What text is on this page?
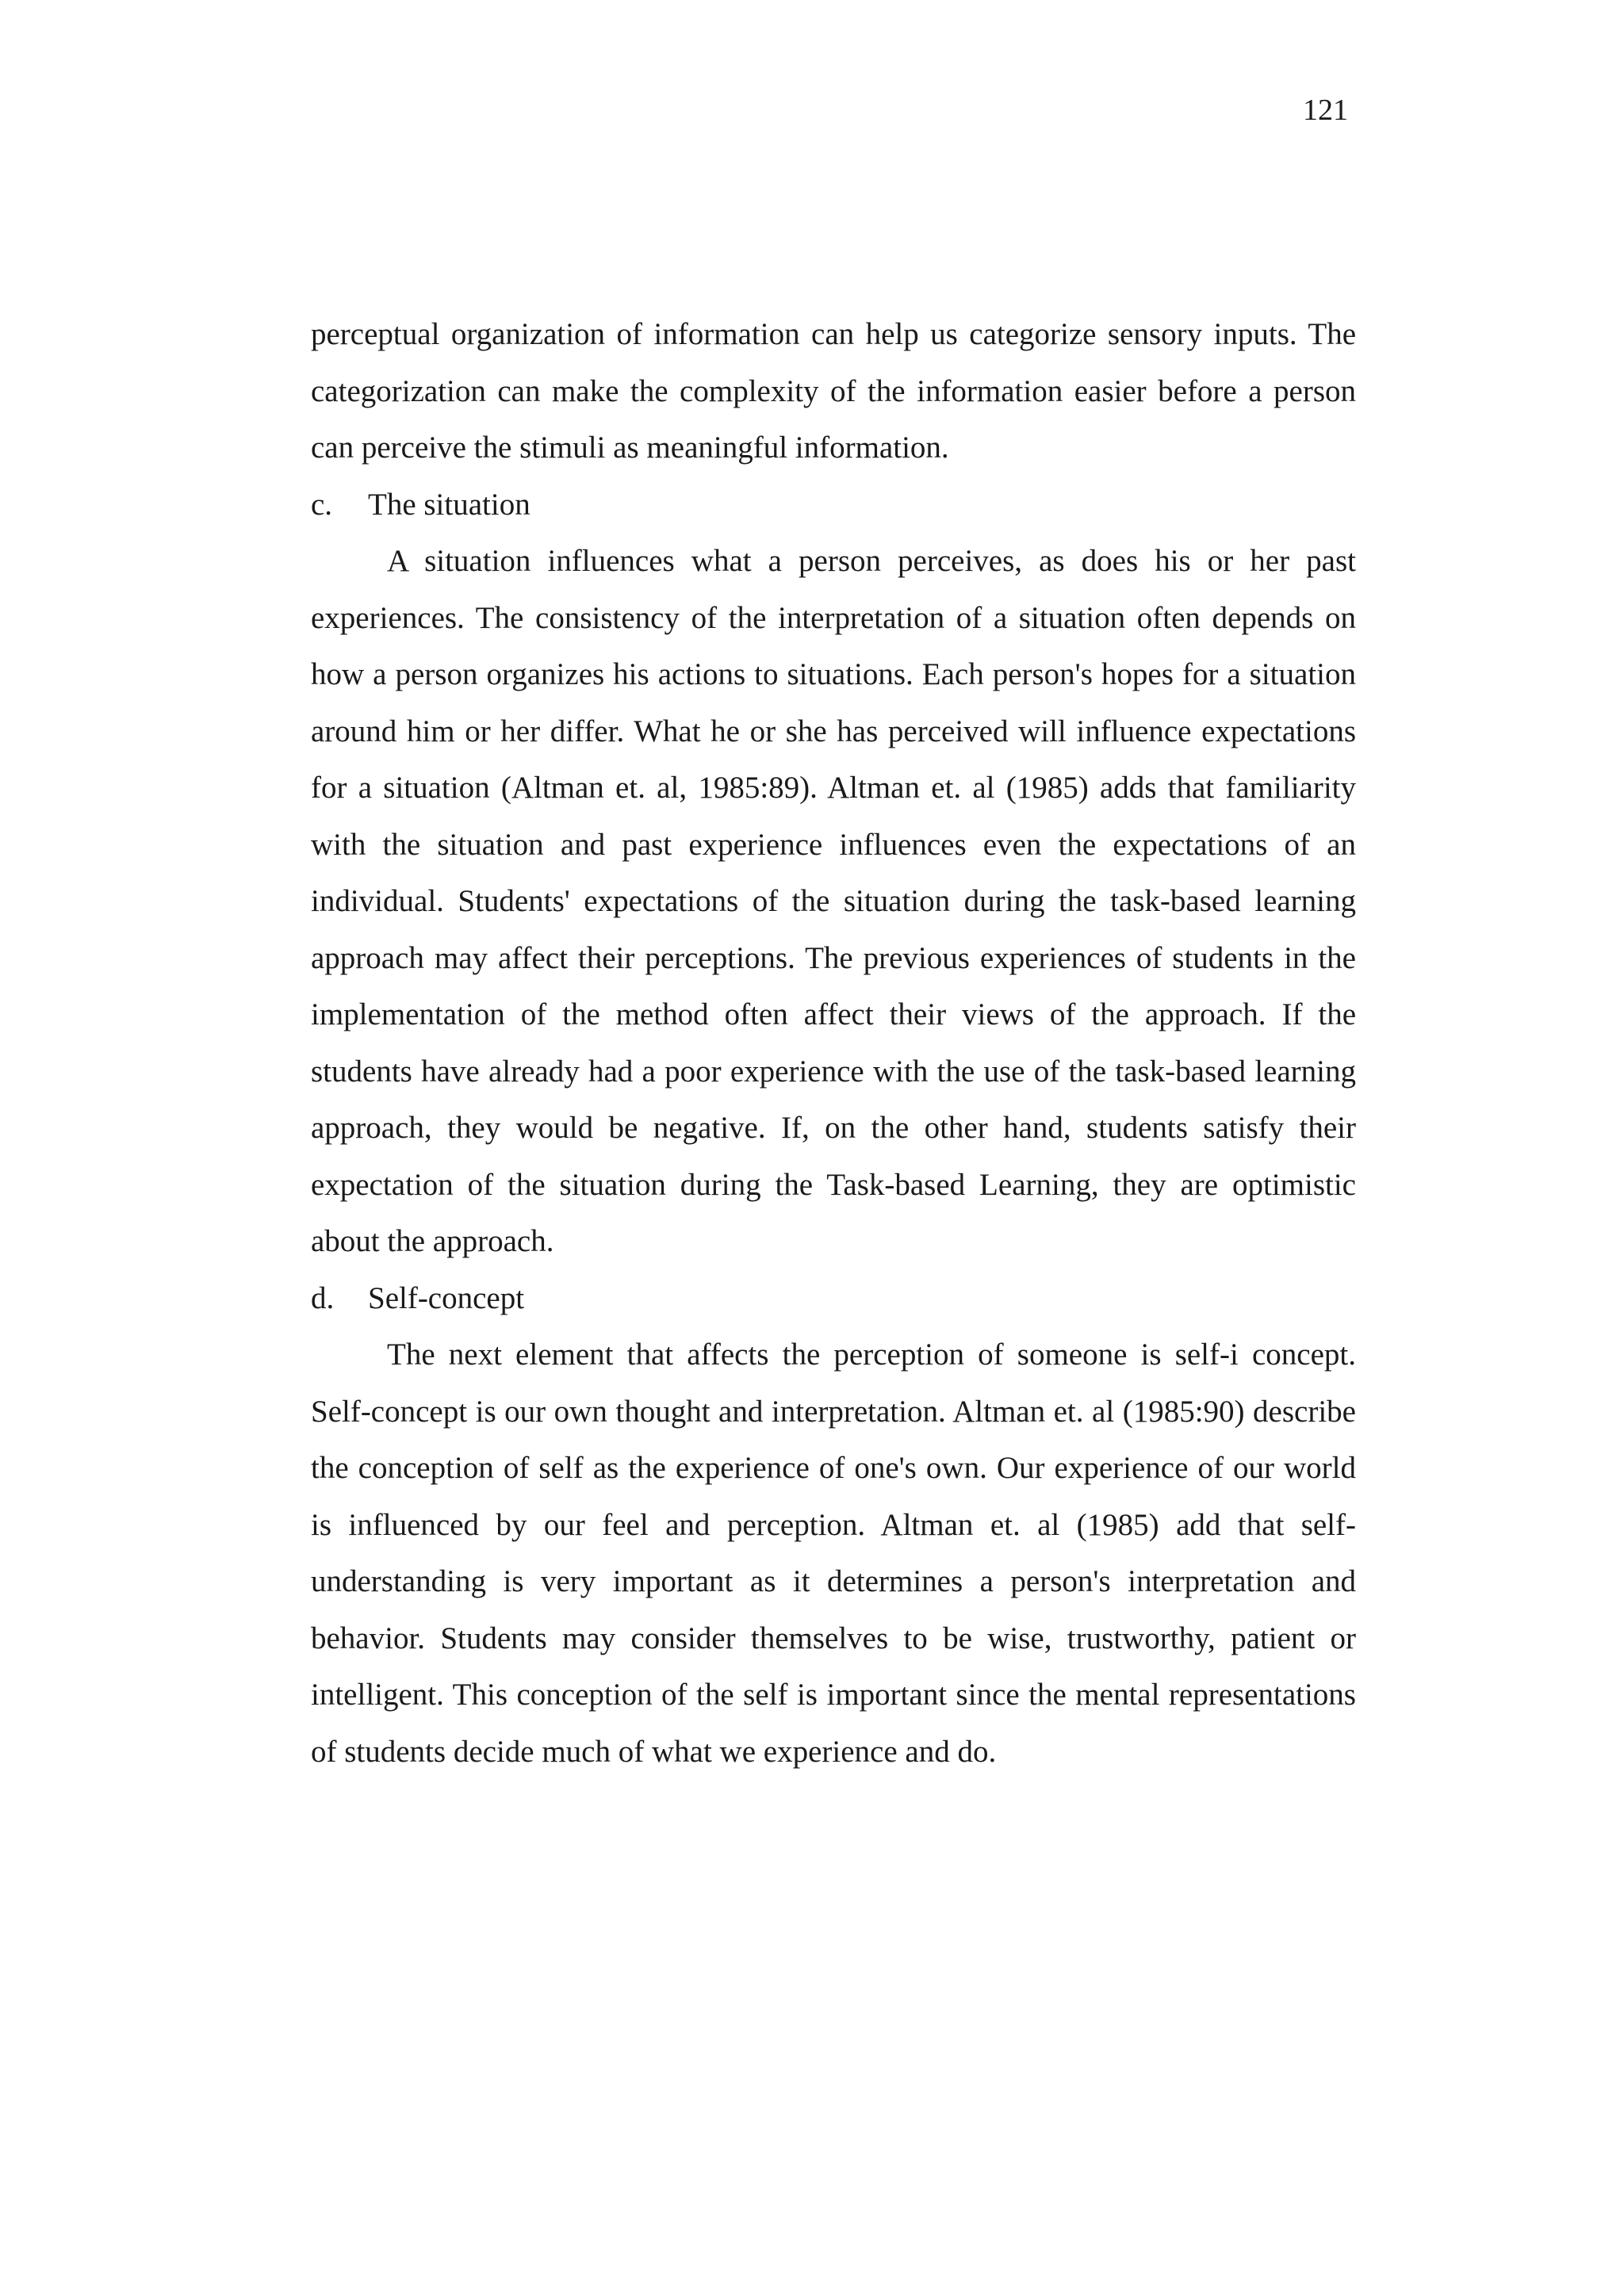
121

perceptual organization of information can help us categorize sensory inputs. The categorization can make the complexity of the information easier before a person can perceive the stimuli as meaningful information.

c.	The situation

A situation influences what a person perceives, as does his or her past experiences. The consistency of the interpretation of a situation often depends on how a person organizes his actions to situations. Each person's hopes for a situation around him or her differ. What he or she has perceived will influence expectations for a situation (Altman et. al, 1985:89). Altman et. al (1985) adds that familiarity with the situation and past experience influences even the expectations of an individual. Students' expectations of the situation during the task-based learning approach may affect their perceptions. The previous experiences of students in the implementation of the method often affect their views of the approach. If the students have already had a poor experience with the use of the task-based learning approach, they would be negative. If, on the other hand, students satisfy their expectation of the situation during the Task-based Learning, they are optimistic about the approach.

d.	Self-concept

The next element that affects the perception of someone is self-i concept. Self-concept is our own thought and interpretation. Altman et. al (1985:90) describe the conception of self as the experience of one's own. Our experience of our world is influenced by our feel and perception. Altman et. al (1985) add that self-understanding is very important as it determines a person's interpretation and behavior. Students may consider themselves to be wise, trustworthy, patient or intelligent. This conception of the self is important since the mental representations of students decide much of what we experience and do.
